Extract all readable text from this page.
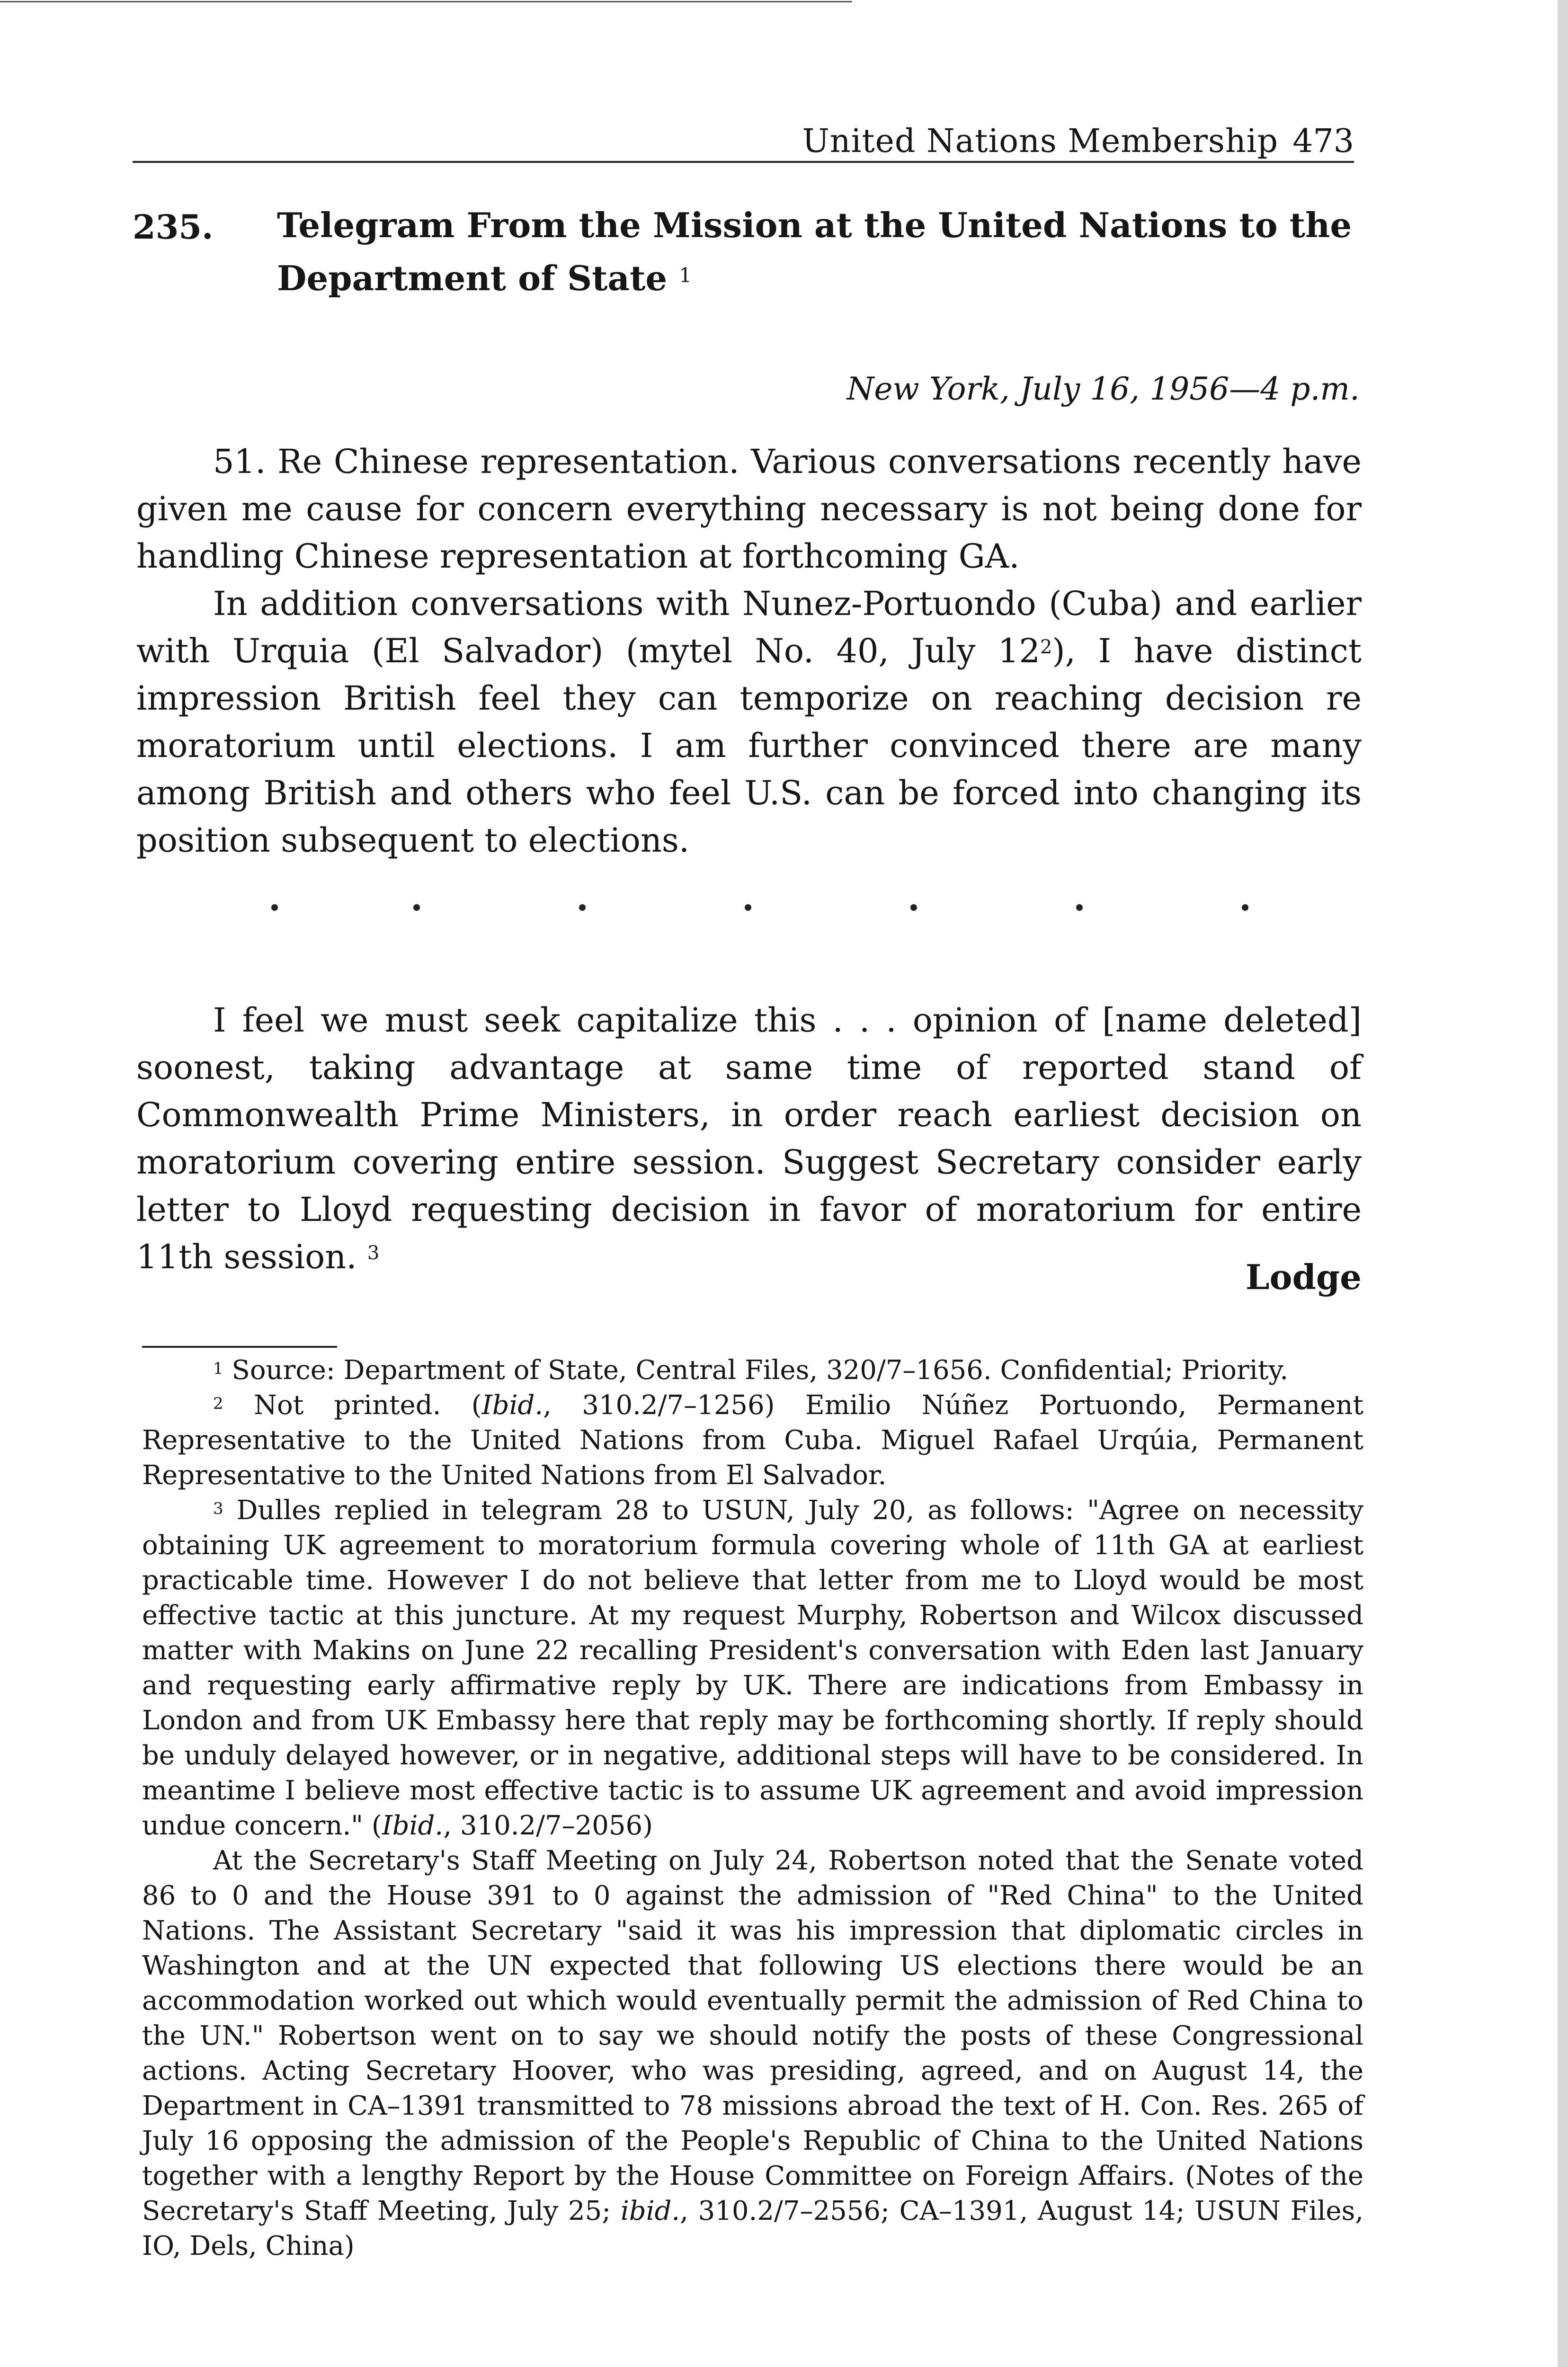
United Nations Membership 473
235. Telegram From the Mission at the United Nations to the Department of State $^1$
New York, July 16, 1956—4 p.m.

51. Re Chinese representation. Various conversations recently have given me cause for concern everything necessary is not being done for handling Chinese representation at forthcoming GA.

In addition conversations with Nunez-Portuondo (Cuba) and earlier with Urquia (El Salvador) (mytel No. 40, July $12^2$), I have distinct impression British feel they can temporize on reaching decision re moratorium until elections. I am further convinced there are many among British and others who feel U.S. can be forced into changing its position subsequent to elections.

I feel we must seek capitalize this . . . opinion of [name deleted] soonest, taking advantage at same time of reported stand of Commonwealth Prime Ministers, in order reach earliest decision on moratorium covering entire session. Suggest Secretary consider early letter to Lloyd requesting decision in favor of moratorium for entire 11th session. $^3$

Lodge

$^1$ Source: Department of State, Central Files, 320/7–1656. Confidential; Priority.

$^2$ Not printed. (Ibid., 310.2/7–1256) Emilio Núñez Portuondo, Permanent Representative to the United Nations from Cuba. Miguel Rafael Urqúia, Permanent Representative to the United Nations from El Salvador.

$^3$ Dulles replied in telegram 28 to USUN, July 20, as follows: "Agree on necessity obtaining UK agreement to moratorium formula covering whole of 11th GA at earliest practicable time. However I do not believe that letter from me to Lloyd would be most effective tactic at this juncture. At my request Murphy, Robertson and Wilcox discussed matter with Makins on June 22 recalling President's conversation with Eden last January and requesting early affirmative reply by UK. There are indications from Embassy in London and from UK Embassy here that reply may be forthcoming shortly. If reply should be unduly delayed however, or in negative, additional steps will have to be considered. In meantime I believe most effective tactic is to assume UK agreement and avoid impression undue concern." (Ibid., 310.2/7–2056)

At the Secretary's Staff Meeting on July 24, Robertson noted that the Senate voted 86 to 0 and the House 391 to 0 against the admission of "Red China" to the United Nations. The Assistant Secretary "said it was his impression that diplomatic circles in Washington and at the UN expected that following US elections there would be an accommodation worked out which would eventually permit the admission of Red China to the UN." Robertson went on to say we should notify the posts of these Congressional actions. Acting Secretary Hoover, who was presiding, agreed, and on August 14, the Department in CA–1391 transmitted to 78 missions abroad the text of H. Con. Res. 265 of July 16 opposing the admission of the People's Republic of China to the United Nations together with a lengthy Report by the House Committee on Foreign Affairs. (Notes of the Secretary's Staff Meeting, July 25; ibid., 310.2/7–2556; CA–1391, August 14; USUN Files, IO, Dels, China)
